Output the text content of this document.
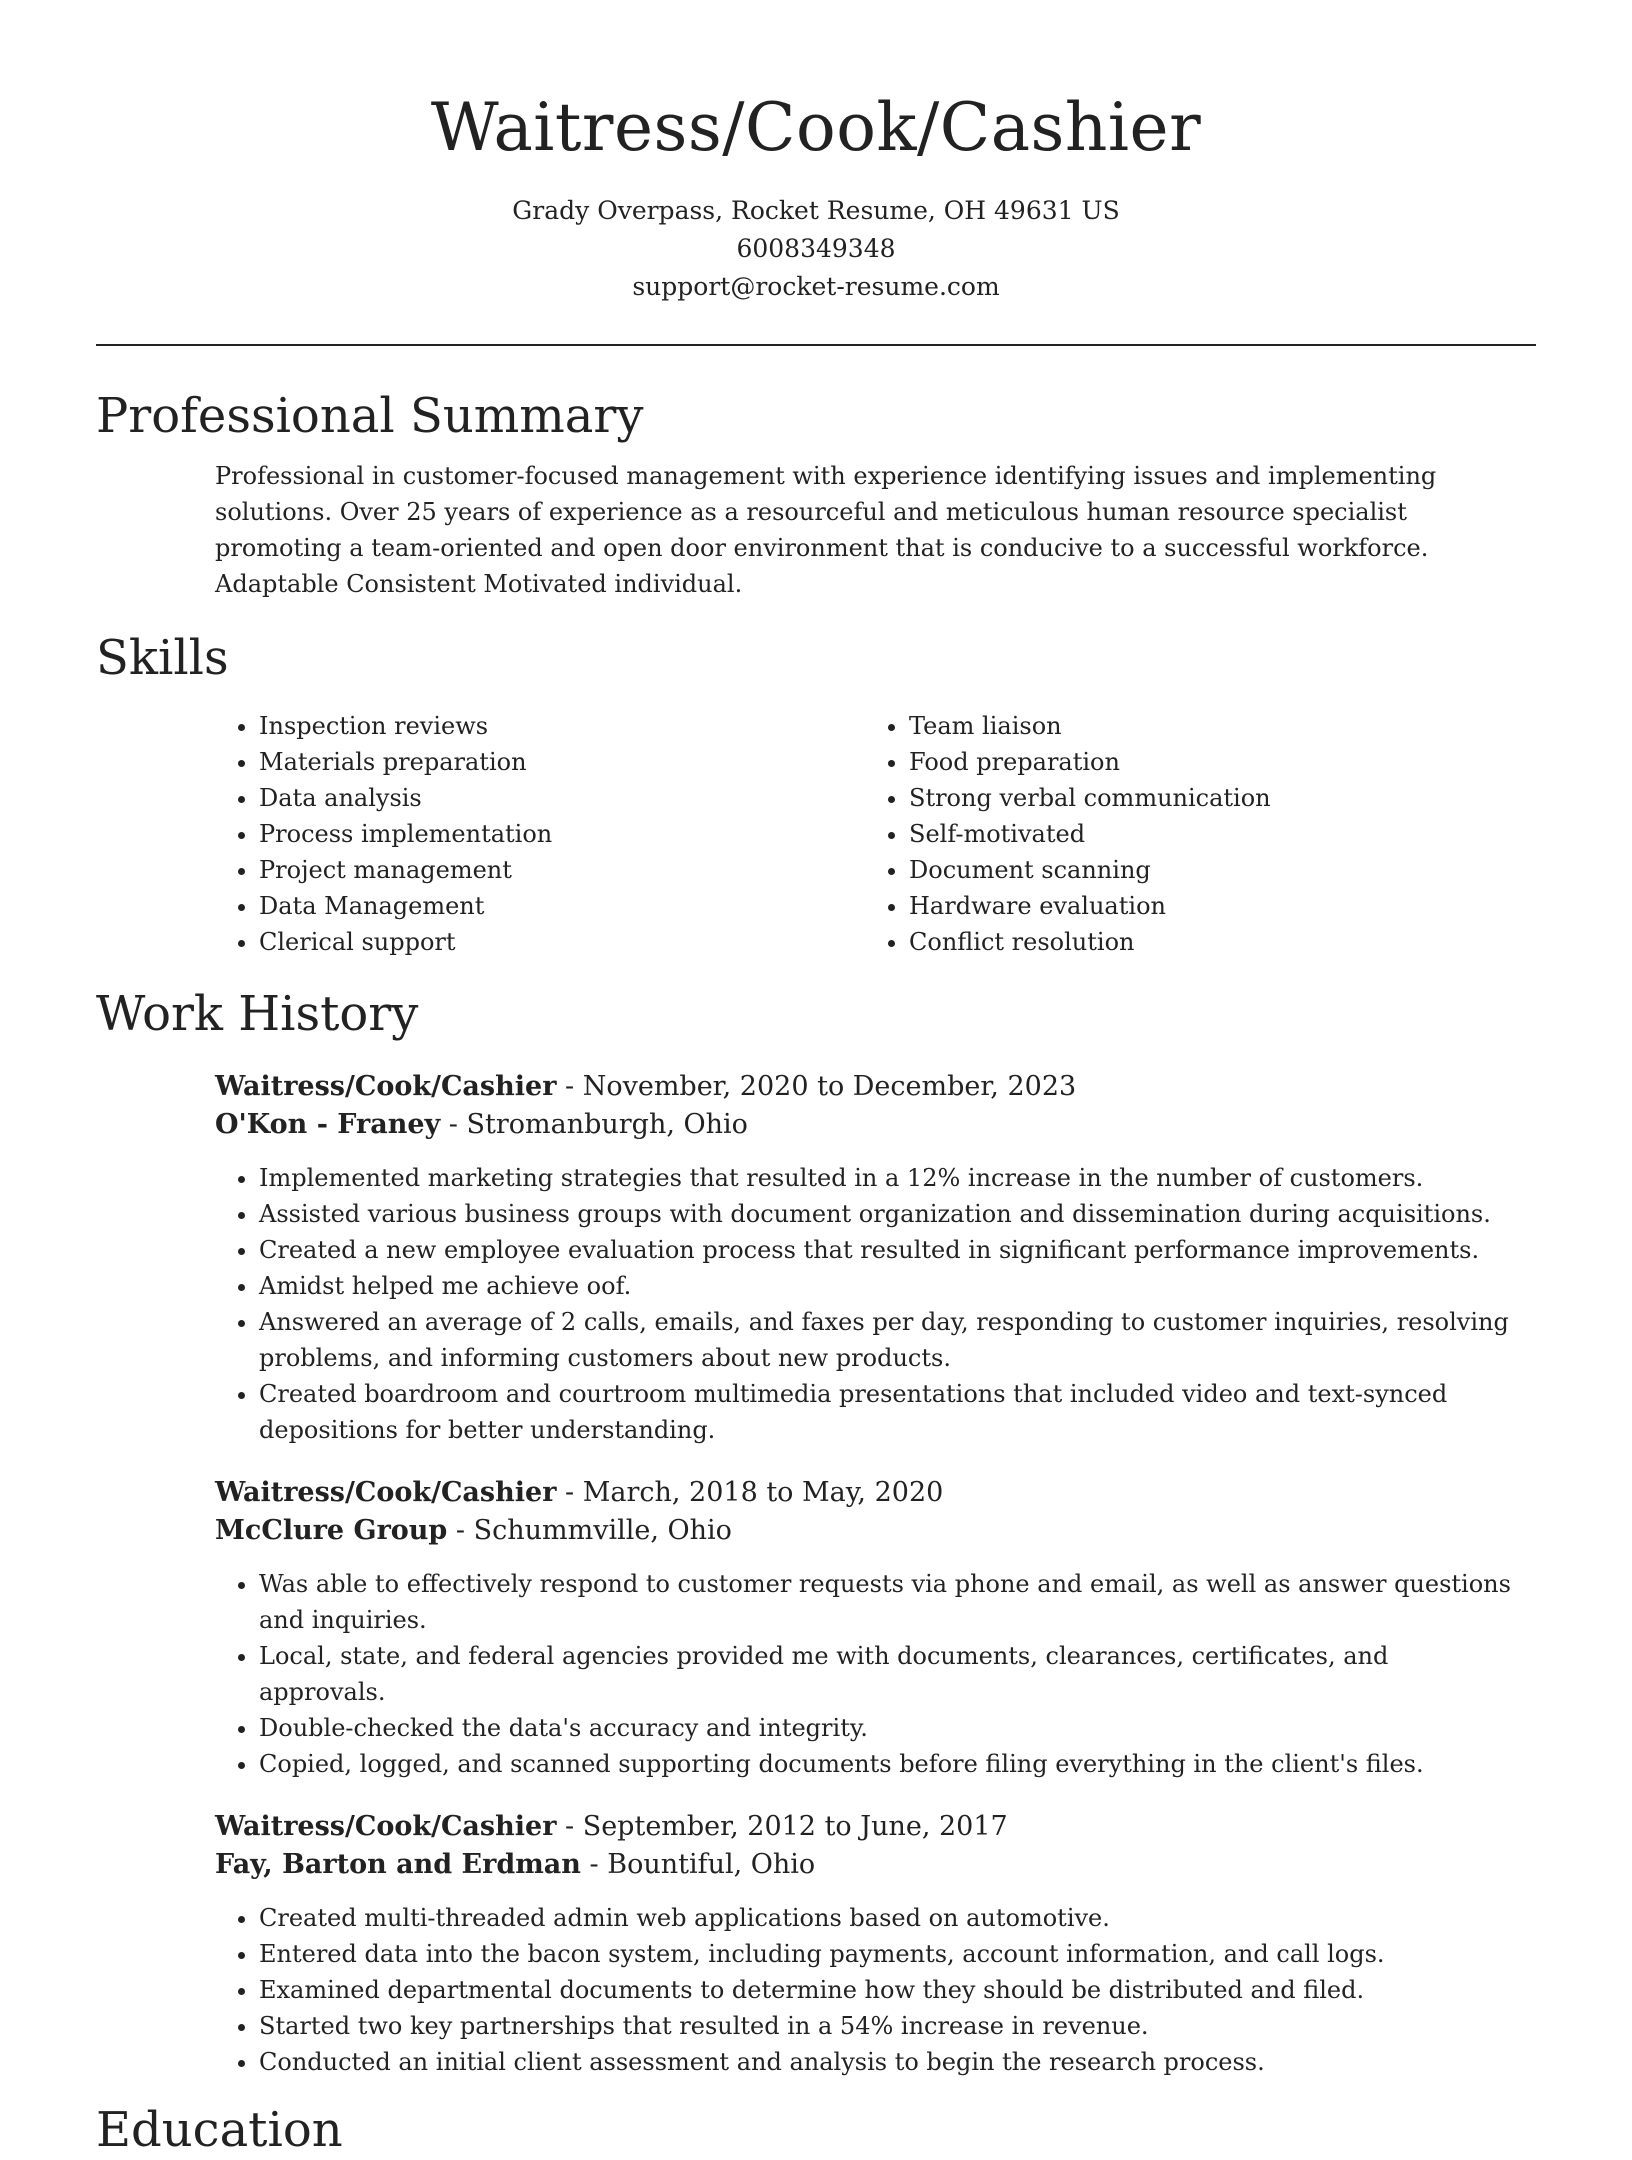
Waitress/Cook/Cashier
Grady Overpass, Rocket Resume, OH 49631 US
6008349348
support@rocket-resume.com
Professional Summary
Professional in customer-focused management with experience identifying issues and implementing solutions. Over 25 years of experience as a resourceful and meticulous human resource specialist promoting a team-oriented and open door environment that is conducive to a successful workforce. Adaptable Consistent Motivated individual.
Skills
• Inspection reviews
• Materials preparation
• Data analysis
• Process implementation
• Project management
• Data Management
• Clerical support
• Team liaison
• Food preparation
• Strong verbal communication
• Self-motivated
• Document scanning
• Hardware evaluation
• Conflict resolution
Work History
Waitress/Cook/Cashier - November, 2020 to December, 2023
O'Kon - Franey - Stromanburgh, Ohio
• Implemented marketing strategies that resulted in a 12% increase in the number of customers.
• Assisted various business groups with document organization and dissemination during acquisitions.
• Created a new employee evaluation process that resulted in significant performance improvements.
• Amidst helped me achieve oof.
• Answered an average of 2 calls, emails, and faxes per day, responding to customer inquiries, resolving problems, and informing customers about new products.
• Created boardroom and courtroom multimedia presentations that included video and text-synced depositions for better understanding.
Waitress/Cook/Cashier - March, 2018 to May, 2020
McClure Group - Schummville, Ohio
• Was able to effectively respond to customer requests via phone and email, as well as answer questions and inquiries.
• Local, state, and federal agencies provided me with documents, clearances, certificates, and approvals.
• Double-checked the data's accuracy and integrity.
• Copied, logged, and scanned supporting documents before filing everything in the client's files.
Waitress/Cook/Cashier - September, 2012 to June, 2017
Fay, Barton and Erdman - Bountiful, Ohio
• Created multi-threaded admin web applications based on automotive.
• Entered data into the bacon system, including payments, account information, and call logs.
• Examined departmental documents to determine how they should be distributed and filed.
• Started two key partnerships that resulted in a 54% increase in revenue.
• Conducted an initial client assessment and analysis to begin the research process.
Education
